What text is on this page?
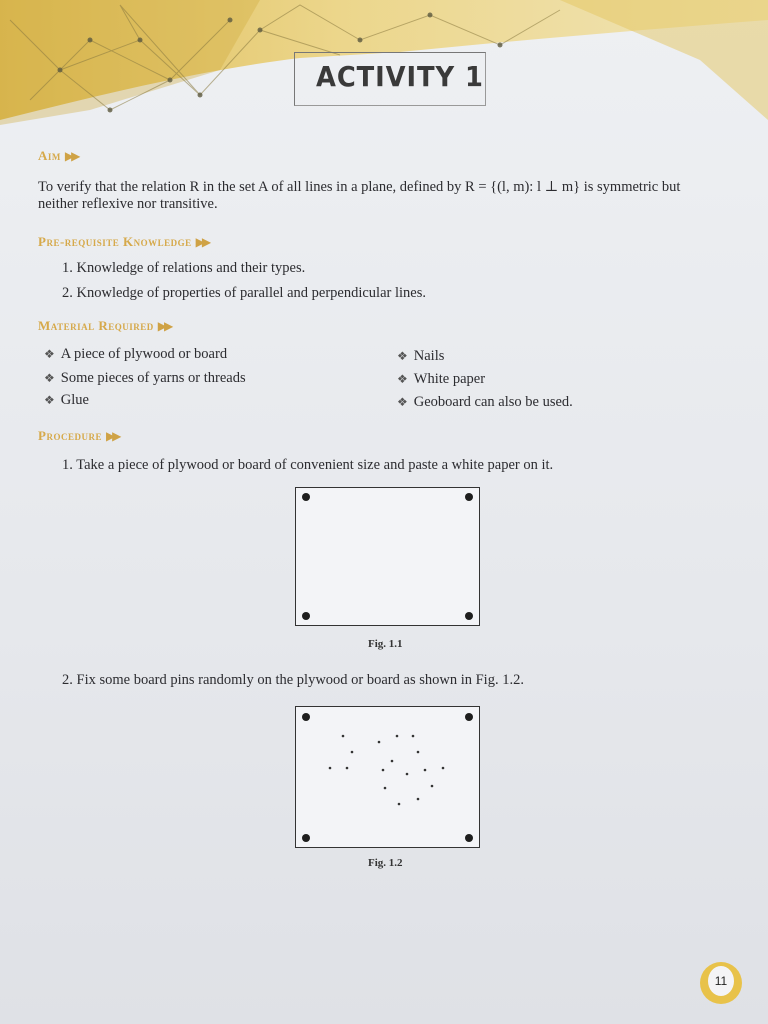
ACTIVITY 1
Aim ▶▶
To verify that the relation R in the set A of all lines in a plane, defined by R = {(l, m): l ⊥ m} is symmetric but
neither reflexive nor transitive.
Pre-requisite Knowledge ▶▶
1. Knowledge of relations and their types.
2. Knowledge of properties of parallel and perpendicular lines.
Material Required ▶▶
❖ A piece of plywood or board
❖ Some pieces of yarns or threads
❖ Glue
❖ Nails
❖ White paper
❖ Geoboard can also be used.
Procedure ▶▶
1. Take a piece of plywood or board of convenient size and paste a white paper on it.
Fig. 1.1
2. Fix some board pins randomly on the plywood or board as shown in Fig. 1.2.
Fig. 1.2
11
